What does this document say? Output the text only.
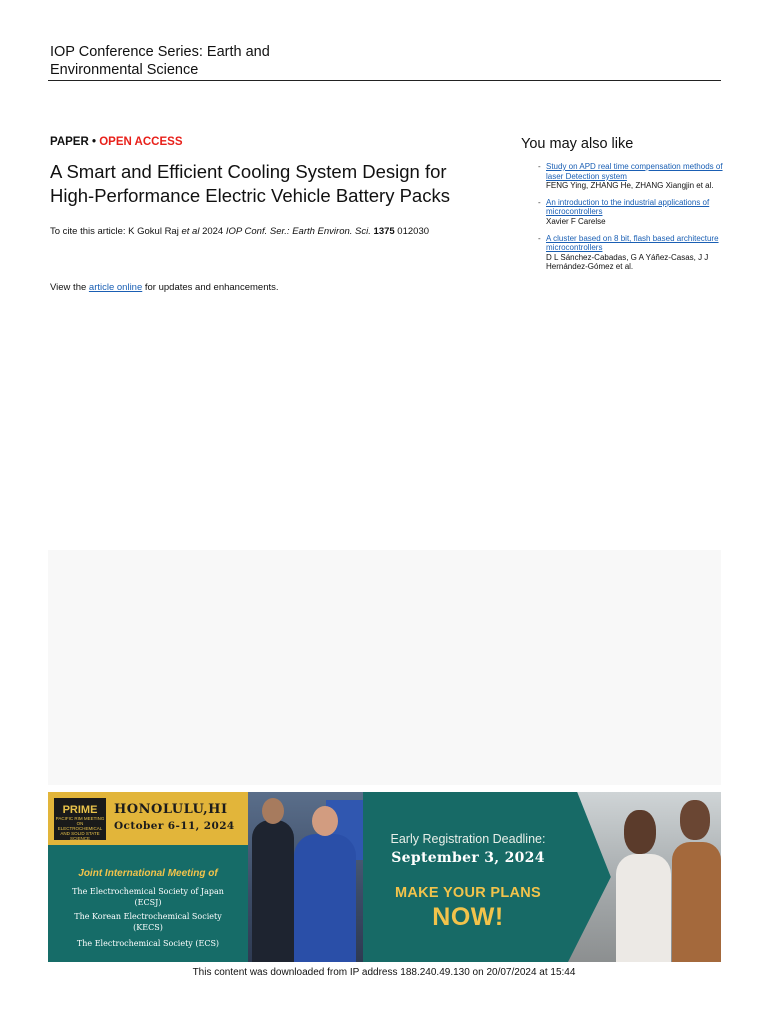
IOP Conference Series: Earth and
Environmental Science
PAPER • OPEN ACCESS
A Smart and Efficient Cooling System Design for
High-Performance Electric Vehicle Battery Packs
To cite this article: K Gokul Raj et al 2024 IOP Conf. Ser.: Earth Environ. Sci. 1375 012030
View the article online for updates and enhancements.
You may also like
- Study on APD real time compensation methods of laser Detection system
FENG Ying, ZHANG He, ZHANG Xiangjin et al.
- An introduction to the industrial applications of microcontrollers
Xavier F Carelse
- A cluster based on 8 bit, flash based architecture microcontrollers
D L Sánchez-Cabadas, G A Yáñez-Casas, J J Hernández-Gómez et al.
PRIME
PACIFIC RIM MEETING ON ELECTROCHEMICAL AND SOLID STATE SCIENCE
HONOLULU,HI
October 6-11, 2024
Joint International Meeting of
The Electrochemical Society of Japan
(ECSJ)
The Korean Electrochemical Society
(KECS)
The Electrochemical Society (ECS)
Early Registration Deadline:
September 3, 2024
MAKE YOUR PLANS
NOW!
This content was downloaded from IP address 188.240.49.130 on 20/07/2024 at 15:44
